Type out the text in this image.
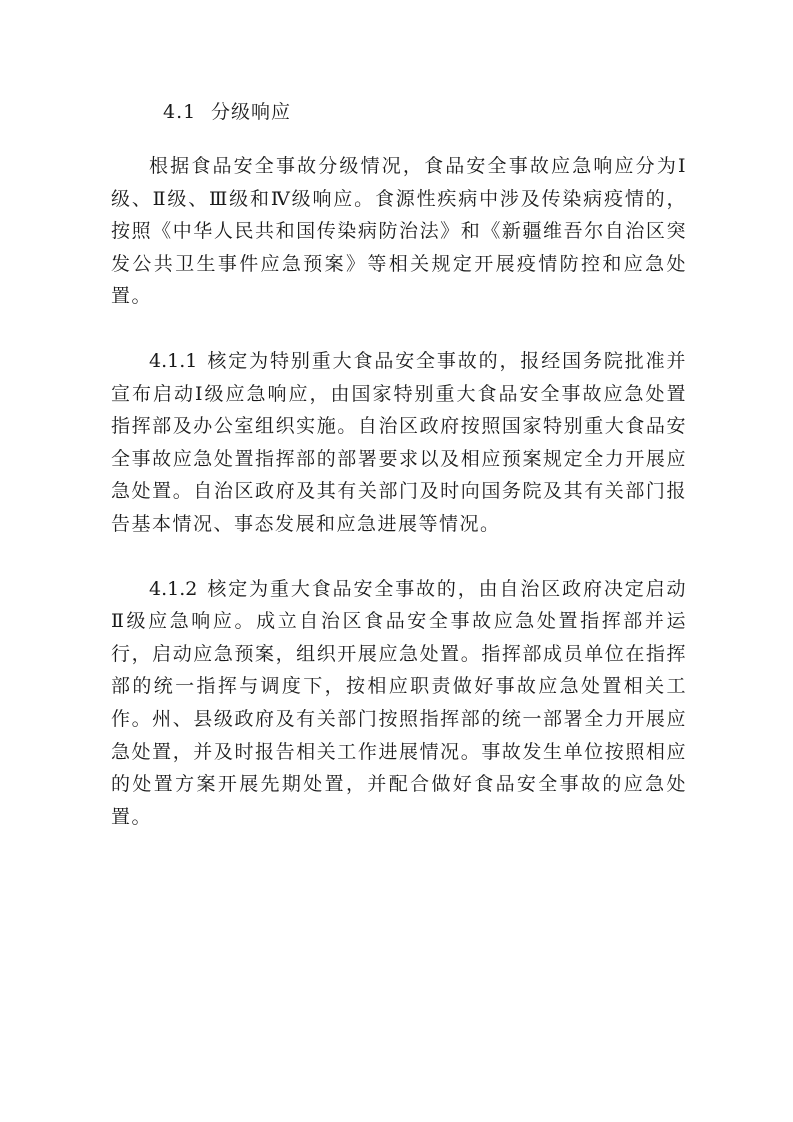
4.1 分级响应

根据食品安全事故分级情况，食品安全事故应急响应分为Ⅰ级、Ⅱ级、Ⅲ级和Ⅳ级响应。食源性疾病中涉及传染病疫情的，按照《中华人民共和国传染病防治法》和《新疆维吾尔自治区突发公共卫生事件应急预案》等相关规定开展疫情防控和应急处置。

4.1.1 核定为特别重大食品安全事故的，报经国务院批准并宣布启动Ⅰ级应急响应，由国家特别重大食品安全事故应急处置指挥部及办公室组织实施。自治区政府按照国家特别重大食品安全事故应急处置指挥部的部署要求以及相应预案规定全力开展应急处置。自治区政府及其有关部门及时向国务院及其有关部门报告基本情况、事态发展和应急进展等情况。

4.1.2 核定为重大食品安全事故的，由自治区政府决定启动Ⅱ级应急响应。成立自治区食品安全事故应急处置指挥部并运行，启动应急预案，组织开展应急处置。指挥部成员单位在指挥部的统一指挥与调度下，按相应职责做好事故应急处置相关工作。州、县级政府及有关部门按照指挥部的统一部署全力开展应急处置，并及时报告相关工作进展情况。事故发生单位按照相应的处置方案开展先期处置，并配合做好食品安全事故的应急处置。
